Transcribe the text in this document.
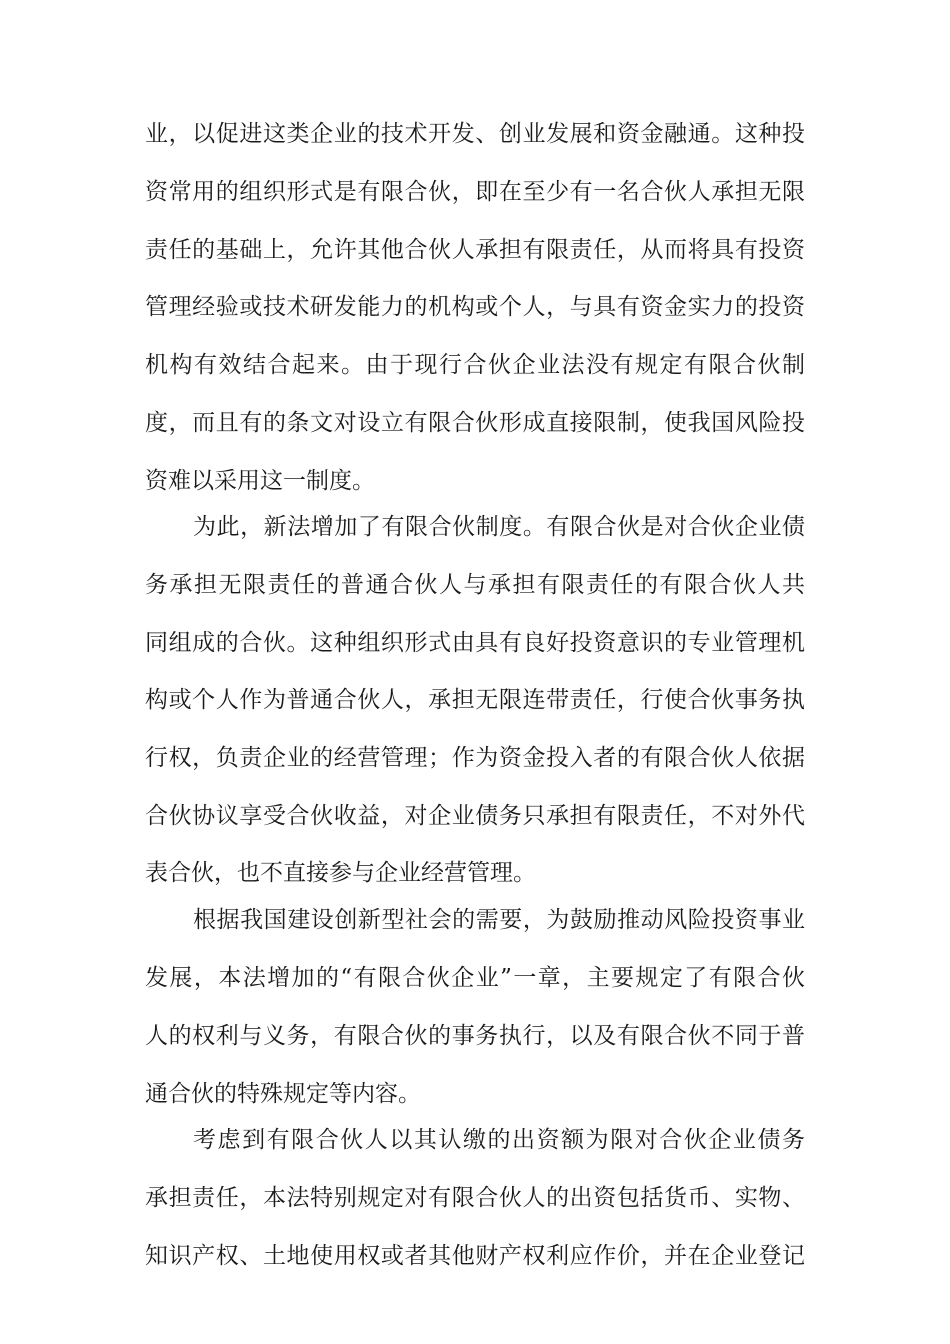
业，以促进这类企业的技术开发、创业发展和资金融通。这种投
资常用的组织形式是有限合伙，即在至少有一名合伙人承担无限
责任的基础上，允许其他合伙人承担有限责任，从而将具有投资
管理经验或技术研发能力的机构或个人，与具有资金实力的投资
机构有效结合起来。由于现行合伙企业法没有规定有限合伙制
度，而且有的条文对设立有限合伙形成直接限制，使我国风险投
资难以采用这一制度。
为此，新法增加了有限合伙制度。有限合伙是对合伙企业债
务承担无限责任的普通合伙人与承担有限责任的有限合伙人共
同组成的合伙。这种组织形式由具有良好投资意识的专业管理机
构或个人作为普通合伙人，承担无限连带责任，行使合伙事务执
行权，负责企业的经营管理；作为资金投入者的有限合伙人依据
合伙协议享受合伙收益，对企业债务只承担有限责任，不对外代
表合伙，也不直接参与企业经营管理。
根据我国建设创新型社会的需要，为鼓励推动风险投资事业
发展，本法增加的“有限合伙企业”一章，主要规定了有限合伙
人的权利与义务，有限合伙的事务执行，以及有限合伙不同于普
通合伙的特殊规定等内容。
考虑到有限合伙人以其认缴的出资额为限对合伙企业债务
承担责任，本法特别规定对有限合伙人的出资包括货币、实物、
知识产权、土地使用权或者其他财产权利应作价，并在企业登记
